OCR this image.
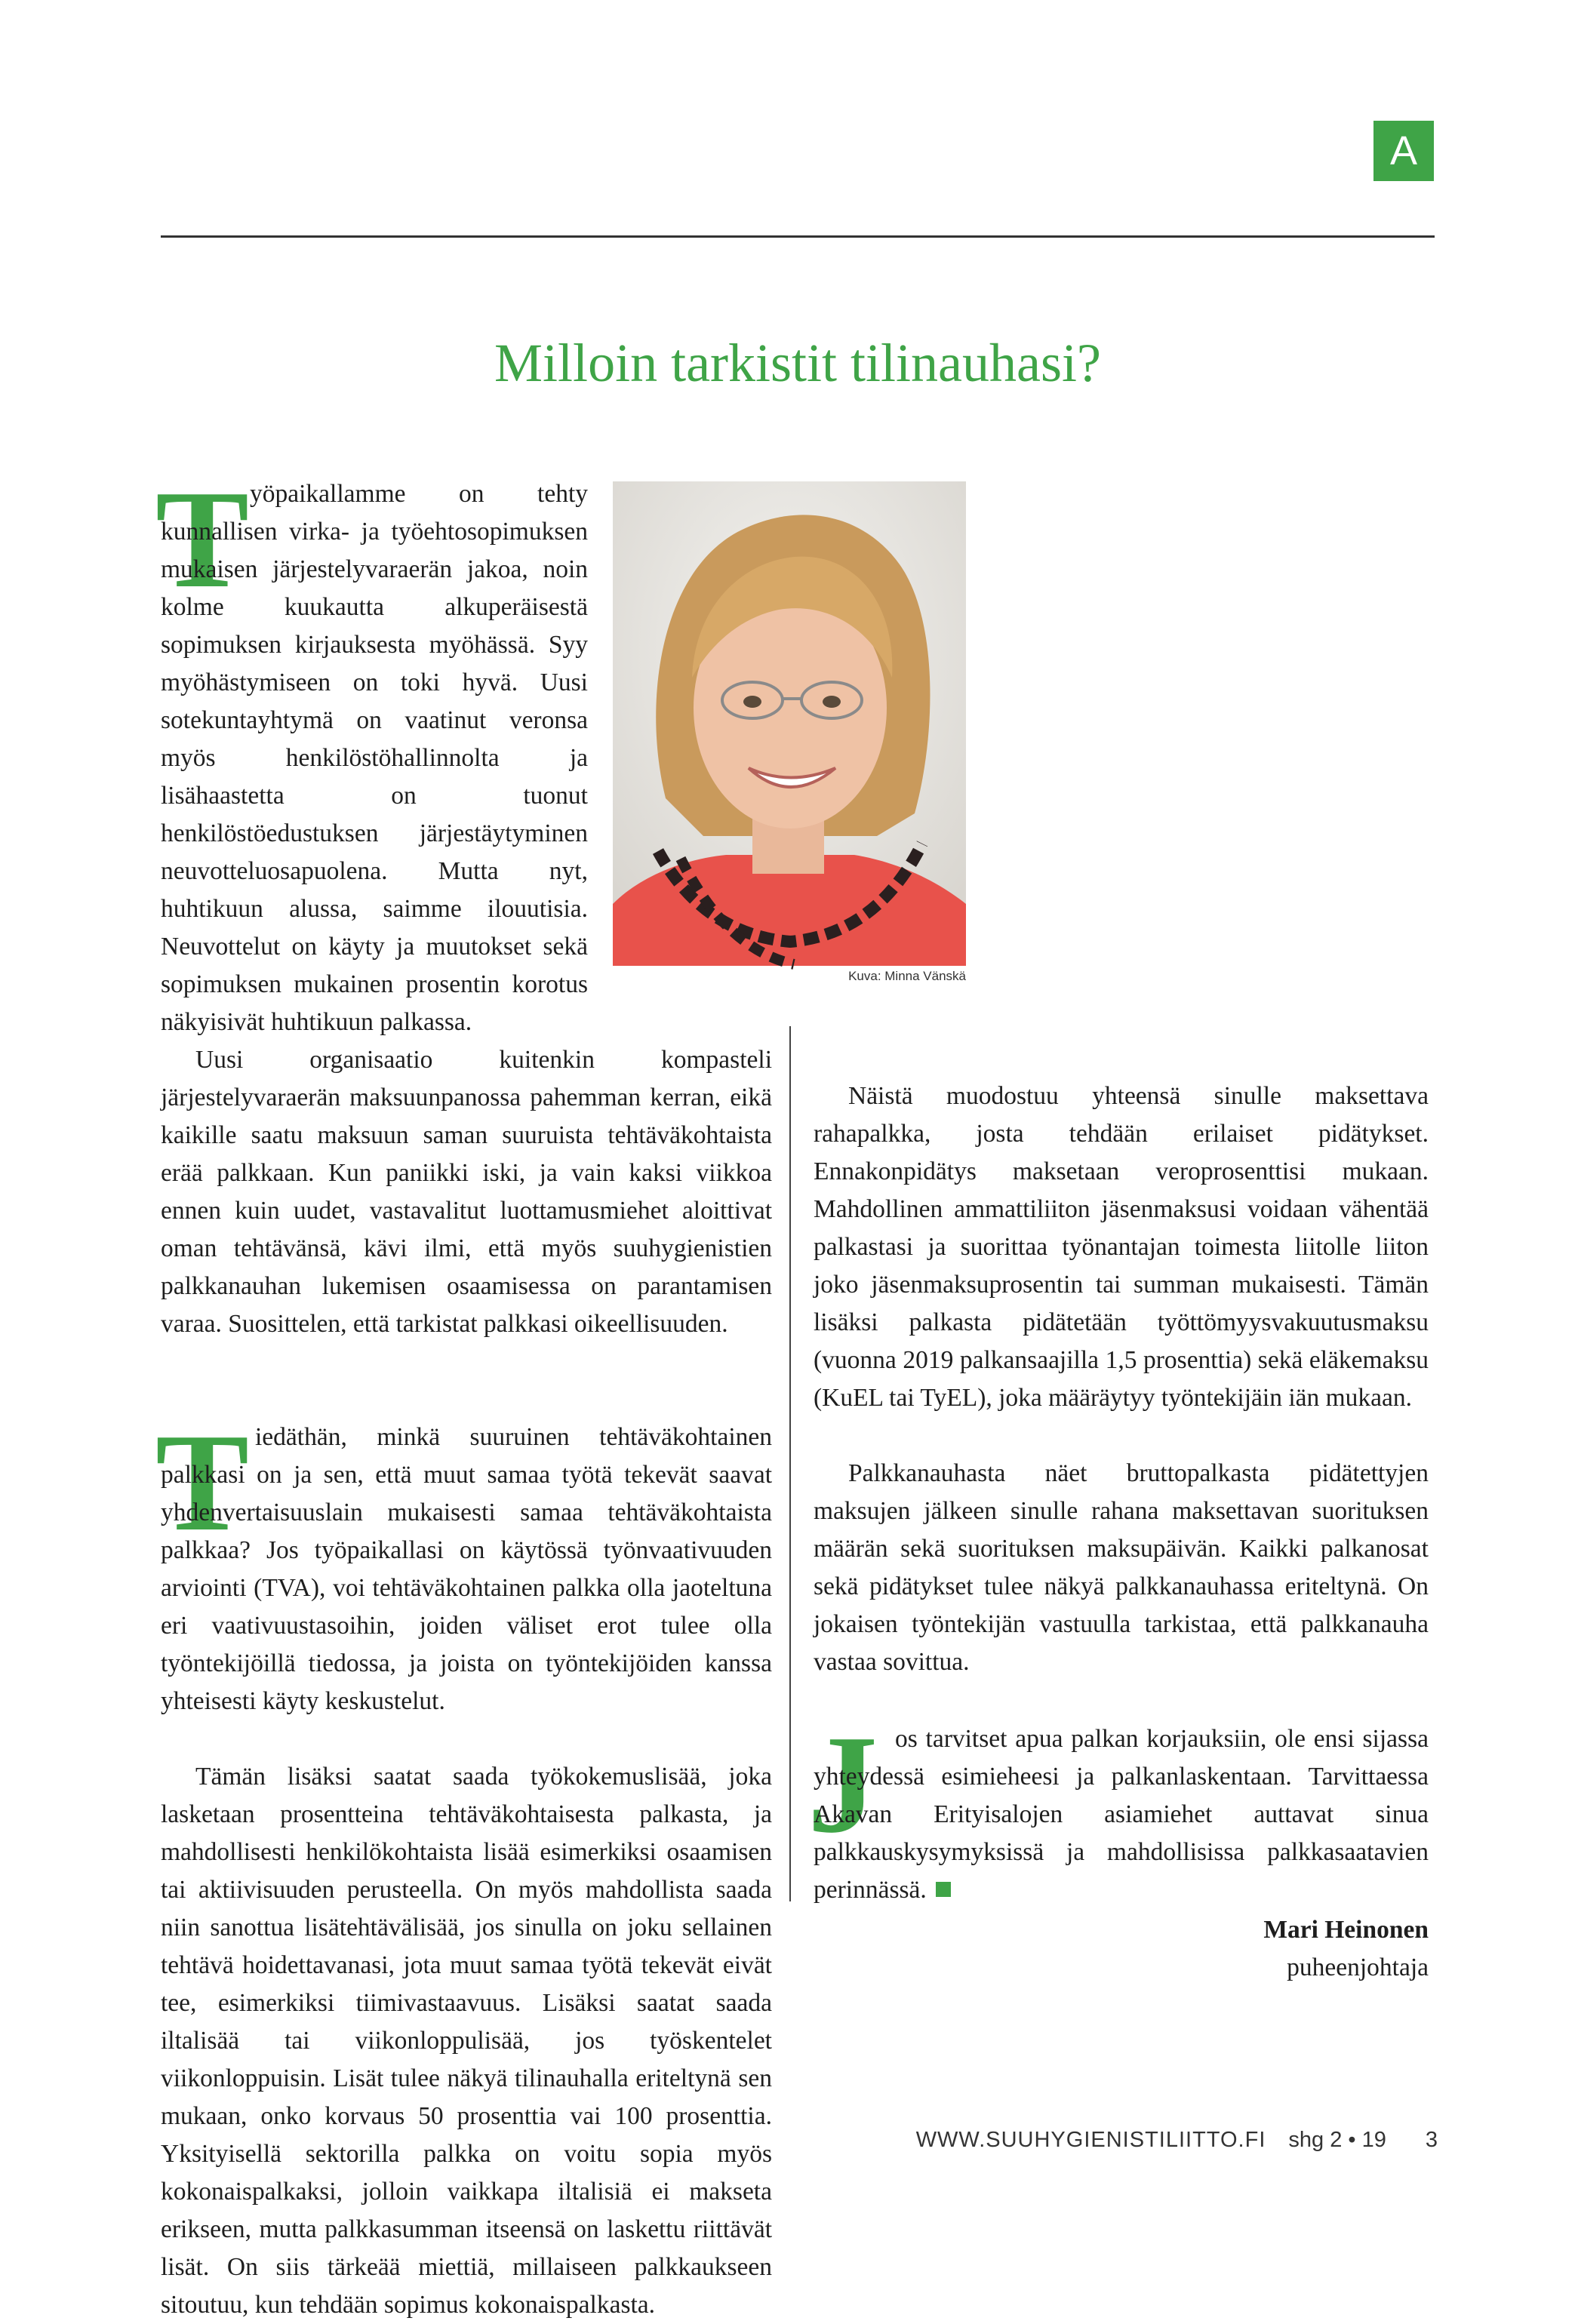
A
Milloin tarkistit tilinauhasi?
Kuva: Minna Vänskä
T yöpaikallamme on tehty kunnallisen virka- ja työehtosopimuksen mukaisen järjestelyvaraerän jakoa, noin kolme kuukautta alkuperäisestä sopimuksen kirjauksesta myöhässä. Syy myöhästymiseen on toki hyvä. Uusi sotekuntayhtymä on vaatinut veronsa myös henkilöstöhallinnolta ja lisähaastetta on tuonut henkilöstöedustuksen järjestäytyminen neuvotteluosapuolena. Mutta nyt, huhtikuun alussa, saimme ilouutisia. Neuvottelut on käyty ja muutokset sekä sopimuksen mukainen prosentin korotus näkyisivät huhtikuun palkassa.

Uusi organisaatio kuitenkin kompasteli järjestelyvaraerän maksuunpanossa pahemman kerran, eikä kaikille saatu maksuun saman suuruista tehtäväkohtaista erää palkkaan. Kun paniikki iski, ja vain kaksi viikkoa ennen kuin uudet, vastavalitut luottamusmiehet aloittivat oman tehtävänsä, kävi ilmi, että myös suuhygienistien palkkanauhan lukemisen osaamisessa on parantamisen varaa. Suosittelen, että tarkistat palkkasi oikeellisuuden.

T iedäthän, minkä suuruinen tehtäväkohtainen palkkasi on ja sen, että muut samaa työtä tekevät saavat yhdenvertaisuuslain mukaisesti samaa tehtäväkohtaista palkkaa? Jos työpaikallasi on käytössä työnvaativuuden arviointi (TVA), voi tehtäväkohtainen palkka olla jaoteltuna eri vaativuustasoihin, joiden väliset erot tulee olla työntekijöillä tiedossa, ja joista on työntekijöiden kanssa yhteisesti käyty keskustelut.

Tämän lisäksi saatat saada työkokemuslisää, joka lasketaan prosentteina tehtäväkohtaisesta palkasta, ja mahdollisesti henkilökohtaista lisää esimerkiksi osaamisen tai aktiivisuuden perusteella. On myös mahdollista saada niin sanottua lisätehtävälisää, jos sinulla on joku sellainen tehtävä hoidettavanasi, jota muut samaa työtä tekevät eivät tee, esimerkiksi tiimivastaavuus. Lisäksi saatat saada iltalisää tai viikonloppulisää, jos työskentelet viikonloppuisin. Lisät tulee näkyä tilinauhalla eriteltynä sen mukaan, onko korvaus 50 prosenttia vai 100 prosenttia. Yksityisellä sektorilla palkka on voitu sopia myös kokonaispalkaksi, jolloin vaikkapa iltalisiä ei makseta erikseen, mutta palkkasumman itseensä on laskettu riittävät lisät. On siis tärkeää miettiä, millaiseen palkkaukseen sitoutuu, kun tehdään sopimus kokonaispalkasta.

Näistä muodostuu yhteensä sinulle maksettava rahapalkka, josta tehdään erilaiset pidätykset. Ennakonpidätys maksetaan veroprosenttisi mukaan. Mahdollinen ammattiliiton jäsenmaksusi voidaan vähentää palkastasi ja suorittaa työnantajan toimesta liitolle liiton joko jäsenmaksuprosentin tai summan mukaisesti. Tämän lisäksi palkasta pidätetään työttömyysvakuutusmaksu (vuonna 2019 palkansaajilla 1,5 prosenttia) sekä eläkemaksu (KuEL tai TyEL), joka määräytyy työntekijäin iän mukaan.

Palkkanauhasta näet bruttopalkasta pidätettyjen maksujen jälkeen sinulle rahana maksettavan suorituksen määrän sekä suorituksen maksupäivän. Kaikki palkanosat sekä pidätykset tulee näkyä palkkanauhassa eriteltynä. On jokaisen työntekijän vastuulla tarkistaa, että palkkanauha vastaa sovittua.

J os tarvitset apua palkan korjauksiin, ole ensi sijassa yhteydessä esimieheesi ja palkanlaskentaan. Tarvittaessa Akavan Erityisalojen asiamiehet auttavat sinua palkkauskysymyksissä ja mahdollisissa palkkasaatavien perinnässä.

Mari Heinonen
puheenjohtaja
WWW.SUUHYGIENISTILIITTO.FI shg 2 • 19 3
